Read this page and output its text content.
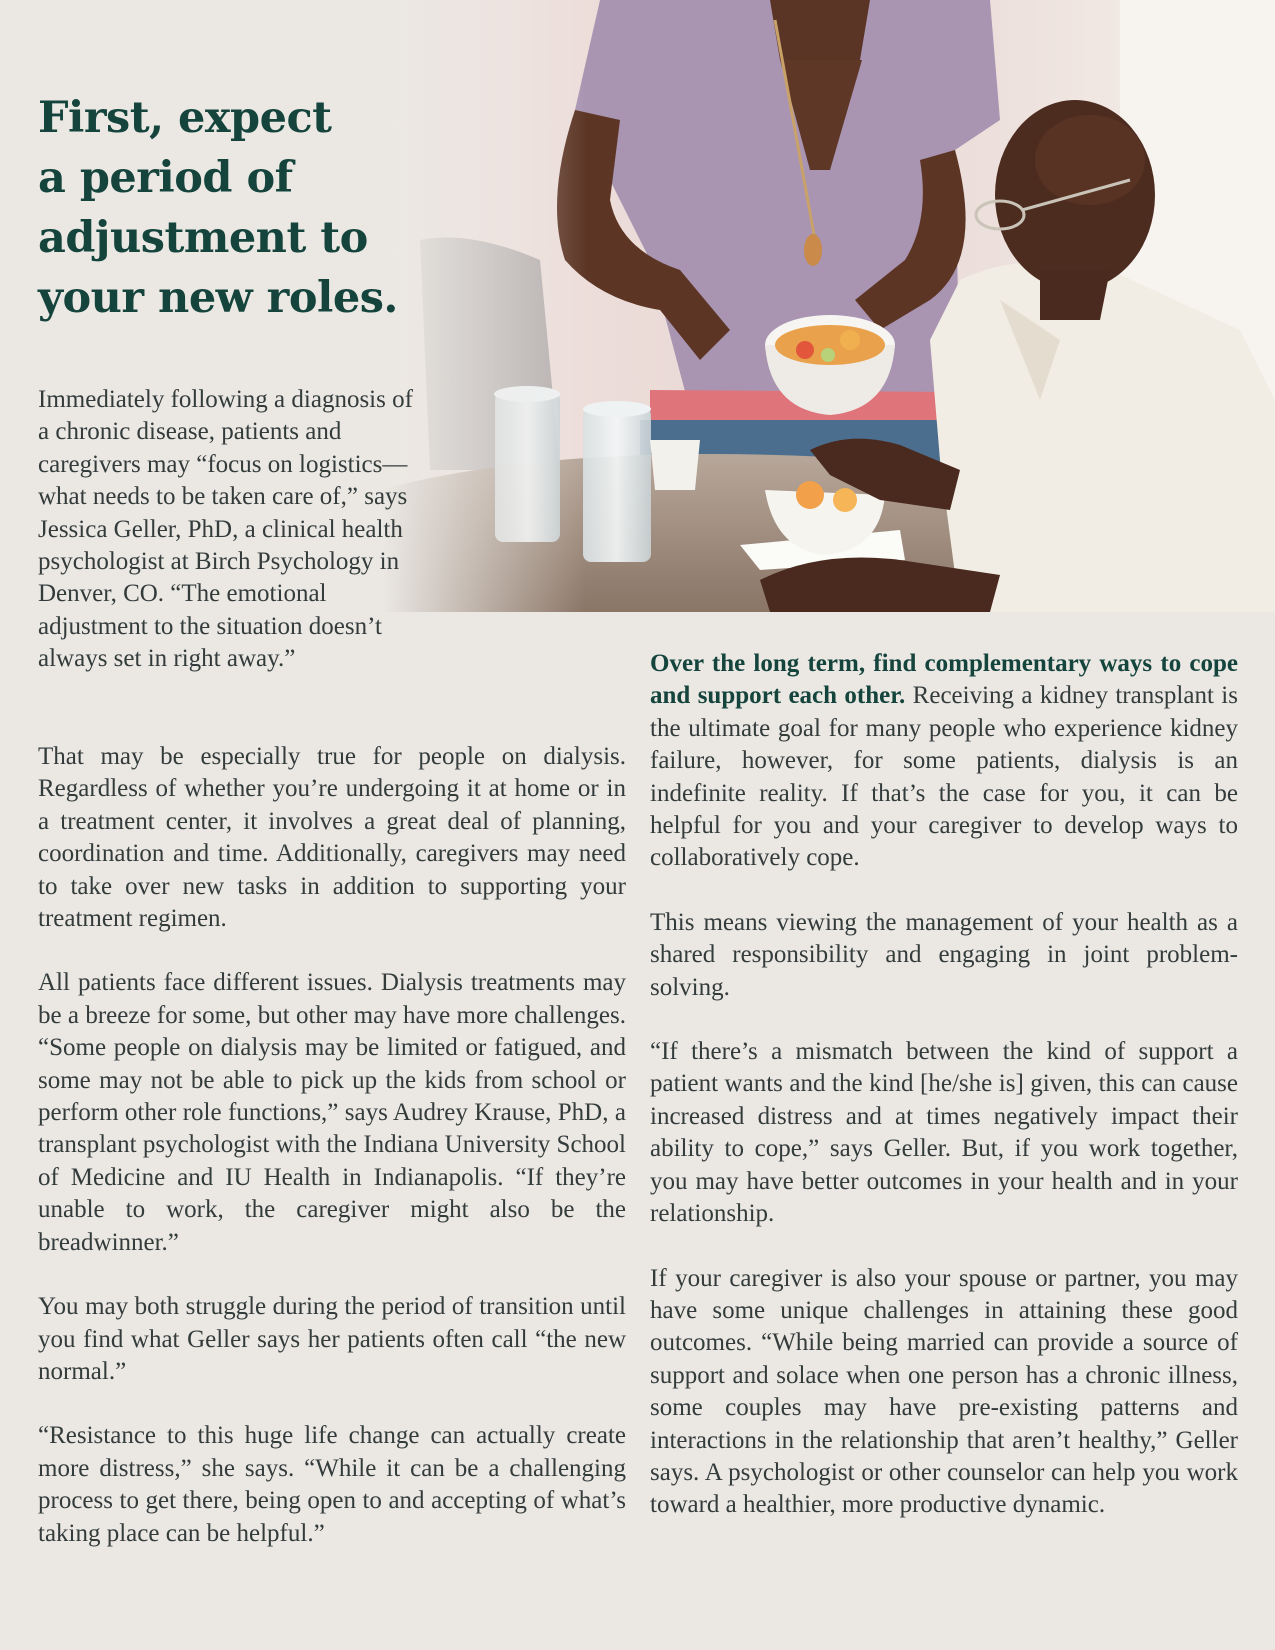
First, expect
a period of
adjustment to
your new roles.

Immediately following a diagnosis of a chronic disease, patients and caregivers may “focus on logistics—what needs to be taken care of,” says Jessica Geller, PhD, a clinical health psychologist at Birch Psychology in Denver, CO. “The emotional adjustment to the situation doesn’t always set in right away.”

That may be especially true for people on dialysis. Regardless of whether you’re undergoing it at home or in a treatment center, it involves a great deal of planning, coordination and time. Additionally, caregivers may need to take over new tasks in addition to supporting your treatment regimen.

All patients face different issues. Dialysis treatments may be a breeze for some, but other may have more challenges. “Some people on dialysis may be limited or fatigued, and some may not be able to pick up the kids from school or perform other role functions,” says Audrey Krause, PhD, a transplant psychologist with the Indiana University School of Medicine and IU Health in Indianapolis. “If they’re unable to work, the caregiver might also be the breadwinner.”

You may both struggle during the period of transition until you find what Geller says her patients often call “the new normal.”

“Resistance to this huge life change can actually create more distress,” she says. “While it can be a challenging process to get there, being open to and accepting of what’s taking place can be helpful.”

Over the long term, find complementary ways to cope and support each other. Receiving a kidney transplant is the ultimate goal for many people who experience kidney failure, however, for some patients, dialysis is an indefinite reality. If that’s the case for you, it can be helpful for you and your caregiver to develop ways to collaboratively cope.

This means viewing the management of your health as a shared responsibility and engaging in joint problem-solving.

“If there’s a mismatch between the kind of support a patient wants and the kind [he/she is] given, this can cause increased distress and at times negatively impact their ability to cope,” says Geller. But, if you work together, you may have better outcomes in your health and in your relationship.

If your caregiver is also your spouse or partner, you may have some unique challenges in attaining these good outcomes. “While being married can provide a source of support and solace when one person has a chronic illness, some couples may have pre-existing patterns and interactions in the relationship that aren’t healthy,” Geller says. A psychologist or other counselor can help you work toward a healthier, more productive dynamic.
